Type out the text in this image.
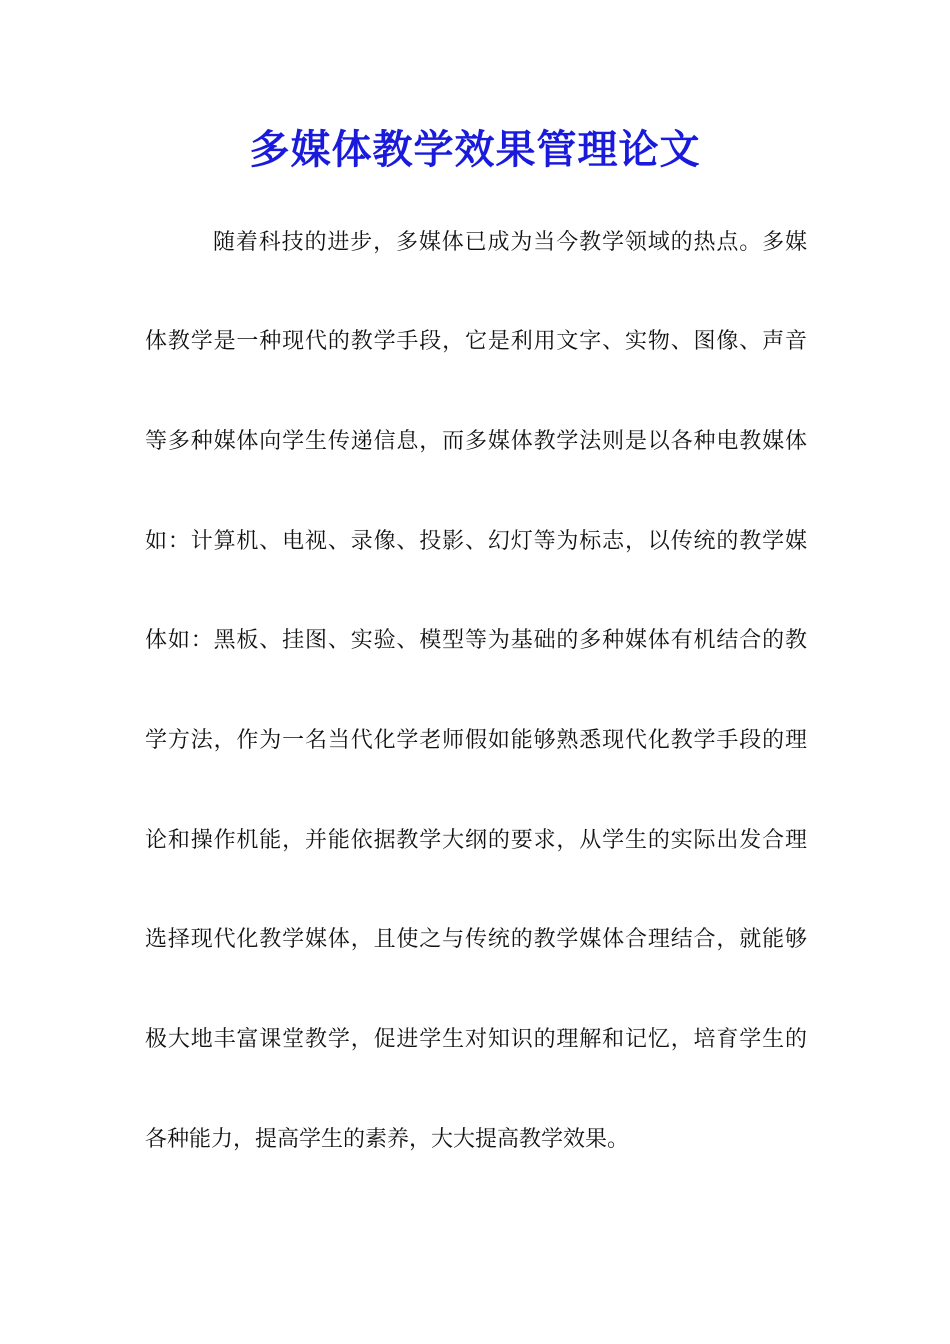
多媒体教学效果管理论文
随着科技的进步，多媒体已成为当今教学领域的热点。多媒
体教学是一种现代的教学手段，它是利用文字、实物、图像、声音
等多种媒体向学生传递信息，而多媒体教学法则是以各种电教媒体
如：计算机、电视、录像、投影、幻灯等为标志，以传统的教学媒
体如：黑板、挂图、实验、模型等为基础的多种媒体有机结合的教
学方法，作为一名当代化学老师假如能够熟悉现代化教学手段的理
论和操作机能，并能依据教学大纲的要求，从学生的实际出发合理
选择现代化教学媒体，且使之与传统的教学媒体合理结合，就能够
极大地丰富课堂教学，促进学生对知识的理解和记忆，培育学生的
各种能力，提高学生的素养，大大提高教学效果。
